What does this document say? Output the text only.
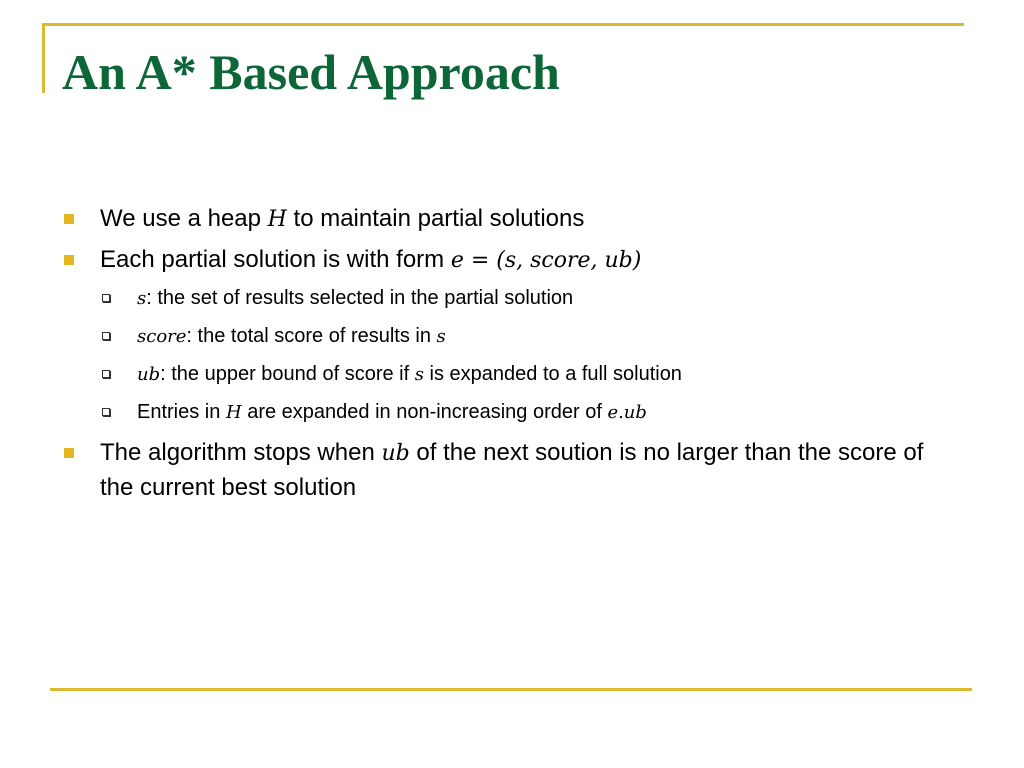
An A* Based Approach
We use a heap H to maintain partial solutions
Each partial solution is with form e = (s, score, ub)
s: the set of results selected in the partial solution
score: the total score of results in s
ub: the upper bound of score if s is expanded to a full solution
Entries in H are expanded in non-increasing order of e.ub
The algorithm stops when ub of the next soution is no larger than the score of the current best solution
